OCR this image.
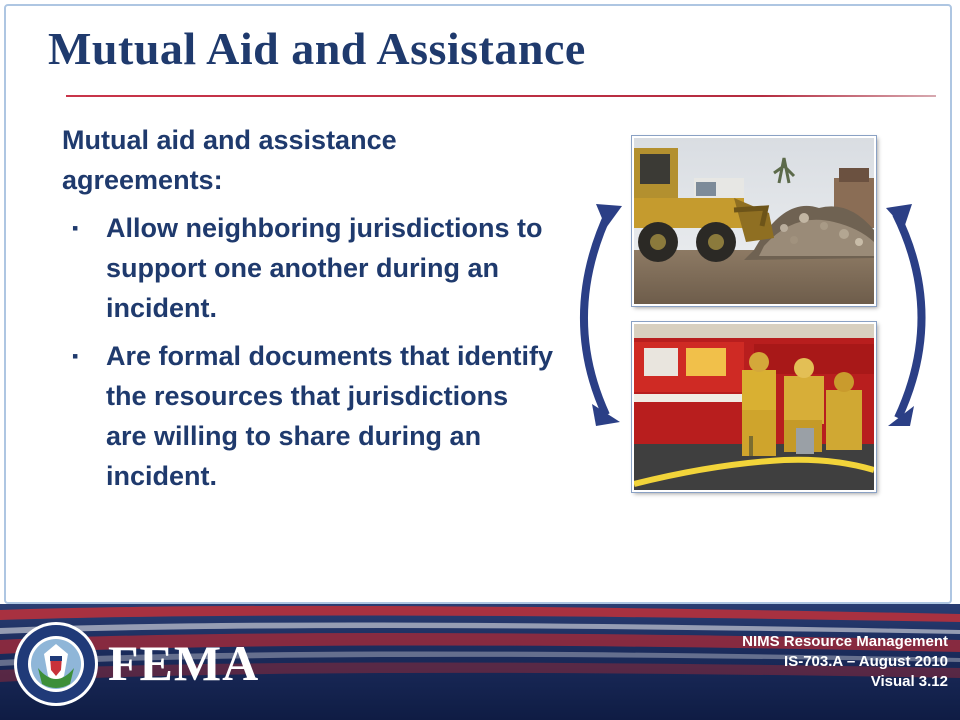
Mutual Aid and Assistance
Mutual aid and assistance agreements:
▪	Allow neighboring jurisdictions to support one another during an incident.
▪	Are formal documents that identify the resources that jurisdictions are willing to share during an incident.
FEMA	NIMS Resource Management
IS-703.A – August 2010
Visual 3.12
